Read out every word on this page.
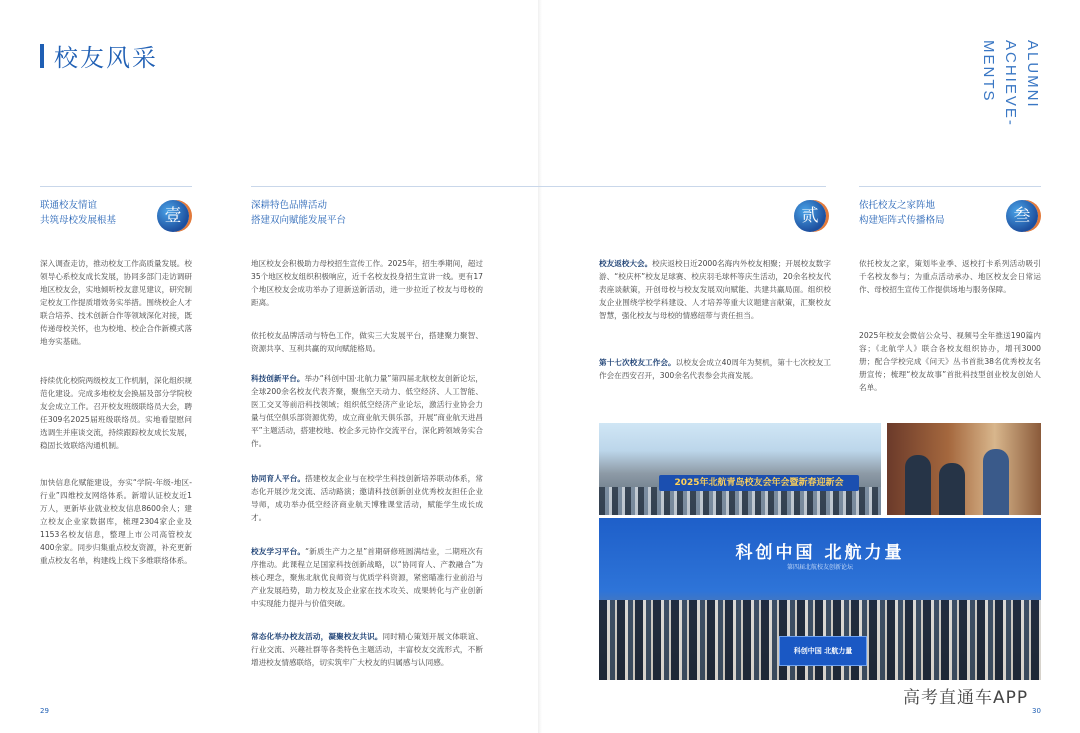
校友风采	ALUMNI
ACHIEVE-
MENTS
联通校友情谊
共筑母校发展根基	壹
深耕特色品牌活动
搭建双向赋能发展平台	贰
依托校友之家阵地
构建矩阵式传播格局	叁

深入调查走访，推动校友工作高质量发展。校领导心系校友成长发展，协同多部门走访调研地区校友会，实地倾听校友意见建议，研究制定校友工作提质增效务实举措。围绕校企人才联合培养、技术创新合作等领域深化对接，既传递母校关怀，也为校地、校企合作新模式落地夯实基础。

持续优化校院两级校友工作机制，深化组织规范化建设。完成多地校友会换届及部分学院校友会成立工作。召开校友班级联络员大会，聘任309名2025届班级联络员。实地看望慰问选调生并座谈交流，持续跟踪校友成长发展，稳固长效联络沟通机制。

加快信息化赋能建设，夯实“学院-年级-地区-行业”四维校友网络体系。新增认证校友近1万人，更新毕业就业校友信息8600余人；建立校友企业家数据库，梳理2304家企业及1153名校友信息，整理上市公司高管校友400余家。同步归集重点校友资源，补充更新重点校友名单，构建线上线下多维联络体系。

地区校友会积极助力母校招生宣传工作。2025年，招生季期间，超过35个地区校友组织积极响应，近千名校友投身招生宣讲一线。更有17个地区校友会成功举办了迎新送新活动，进一步拉近了校友与母校的距离。

依托校友品牌活动与特色工作，做实三大发展平台，搭建聚力聚智、资源共享、互利共赢的双向赋能格局。

科技创新平台。举办“科创中国·北航力量”第四届北航校友创新论坛，全球200余名校友代表齐聚，聚焦空天动力、低空经济、人工智能、医工交叉等前沿科技领域；组织低空经济产业论坛，激活行业协会力量与低空俱乐部资源优势，成立商业航天俱乐部，开展“商业航天进昌平”主题活动，搭建校地、校企多元协作交流平台，深化跨领域务实合作。

协同育人平台。搭建校友企业与在校学生科技创新培养联动体系，常态化开展沙龙交流、活动路演；邀请科技创新创业优秀校友担任企业导师，成功举办低空经济商业航天博雅课堂活动，赋能学生成长成才。

校友学习平台。“新质生产力之星”首期研修班圆满结业，二期班次有序推动。此课程立足国家科技创新战略，以“协同育人、产教融合”为核心理念，聚焦北航优良师资与优质学科资源，紧密瞄准行业前沿与产业发展趋势，助力校友及企业家在技术攻关、成果转化与产业创新中实现能力提升与价值突破。

常态化举办校友活动，凝聚校友共识。同时精心策划开展文体联谊、行业交流、兴趣社群等各类特色主题活动，丰富校友交流形式，不断增进校友情感联络，切实筑牢广大校友的归属感与认同感。

校友返校大会。校庆返校日近2000名海内外校友相聚；开展校友数字游、“校庆杯”校友足球赛、校庆羽毛球杯等庆生活动，20余名校友代表座谈献策，开创母校与校友发展双向赋能、共建共赢局面。组织校友企业围绕学校学科建设、人才培养等重大议题建言献策，汇聚校友智慧，强化校友与母校的情感纽带与责任担当。

第十七次校友工作会。以校友会成立40周年为契机，第十七次校友工作会在西安召开，300余名代表参会共商发展。

依托校友之家，策划毕业季、返校打卡系列活动吸引千名校友参与；为重点活动承办、地区校友会日常运作、母校招生宣传工作提供场地与服务保障。

2025年校友会微信公众号、视频号全年推送190篇内容；《北航学人》联合各校友组织协办，增刊3000册；配合学校完成《问天》丛书首批38名优秀校友名册宣传；梳理“校友故事”首批科技型创业校友创始人名单。

2025年北航青岛校友会年会暨新春迎新会
科创中国 北航力量
第四届北航校友创新论坛
科创中国 北航力量
29	30
高考直通车APP
